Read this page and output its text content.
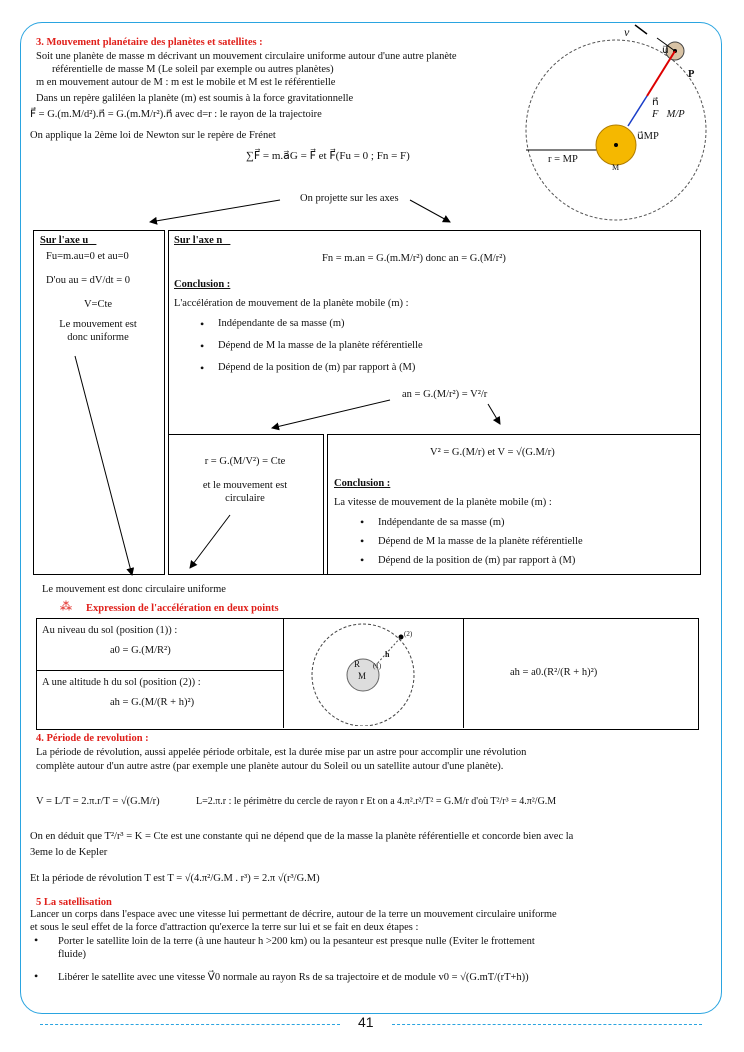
3. Mouvement planétaire des planètes et satellites :
Soit une planète de masse m décrivant un mouvement circulaire uniforme autour d'une autre planète
référentielle de masse M (Le soleil par exemple ou autres planètes)
m en mouvement autour de M : m est le mobile et M est le référentielle
Dans un repère galiléen la planète (m) est soumis à la force gravitationnelle
F⃗ = G.(m.M/d²).n⃗ = G.(m.M/r²).n⃗ avec d=r : le rayon de la trajectoire
On applique la 2ème loi de Newton sur le repère de Frénet
∑F⃗ = m.a⃗G = F⃗ et F⃗(Fu = 0 ; Fn = F)
On projette sur les axes
v⃗
u⃗
P
n⃗
F⃗M/P
u⃗MP
r = MP
M
Sur l'axe u⃗
Fu=m.au=0 et au=0
D'ou au = dV/dt = 0
V=Cte
Le mouvement est
donc uniforme
Sur l'axe n⃗
Fn = m.an = G.(m.M/r²) donc an = G.(M/r²)
Conclusion :
L'accélération de mouvement de la planète mobile (m) :
• Indépendante de sa masse (m)
• Dépend de M la masse de la planète référentielle
• Dépend de la position de (m) par rapport à (M)
an = G.(M/r²) = V²/r
r = G.(M/V²) = Cte
et le mouvement est
circulaire
V² = G.(M/r) et V = √(G.M/r)
Conclusion :
La vitesse de mouvement de la planète mobile (m) :
• Indépendante de sa masse (m)
• Dépend de M la masse de la planète référentielle
• Dépend de la position de (m) par rapport à (M)
Le mouvement est donc circulaire uniforme
⁂ Expression de l'accélération en deux points
Au niveau du sol (position (1)) :
a0 = G.(M/R²)
A une altitude h du sol (position (2)) :
ah = G.(M/(R + h)²)
ah = a0.(R²/(R + h)²)
R
M
h
(1)
(2)
4. Période de revolution :
La période de révolution, aussi appelée période orbitale, est la durée mise par un astre pour accomplir une révolution
complète autour d'un autre astre (par exemple une planète autour du Soleil ou un satellite autour d'une planète).
V = L/T = 2.π.r/T = √(G.M/r)	L=2.π.r : le périmètre du cercle de rayon r Et on a 4.π².r²/T² = G.M/r d'où T²/r³ = 4.π²/G.M
On en déduit que T²/r³ = K = Cte est une constante qui ne dépend que de la masse la planète référentielle et concorde bien avec la
3eme lo de Kepler
Et la période de révolution T est T = √(4.π²/G.M . r³) = 2.π √(r³/G.M)
5 La satellisation
Lancer un corps dans l'espace avec une vitesse lui permettant de décrire, autour de la terre un mouvement circulaire uniforme
et sous le seul effet de la force d'attraction qu'exerce la terre sur lui et se fait en deux étapes :
• Porter le satellite loin de la terre (à une hauteur h >200 km) ou la pesanteur est presque nulle (Eviter le frottement
fluide)
• Libérer le satellite avec une vitesse V⃗0 normale au rayon Rs de sa trajectoire et de module v0 = √(G.mT/(rT+h))
41
